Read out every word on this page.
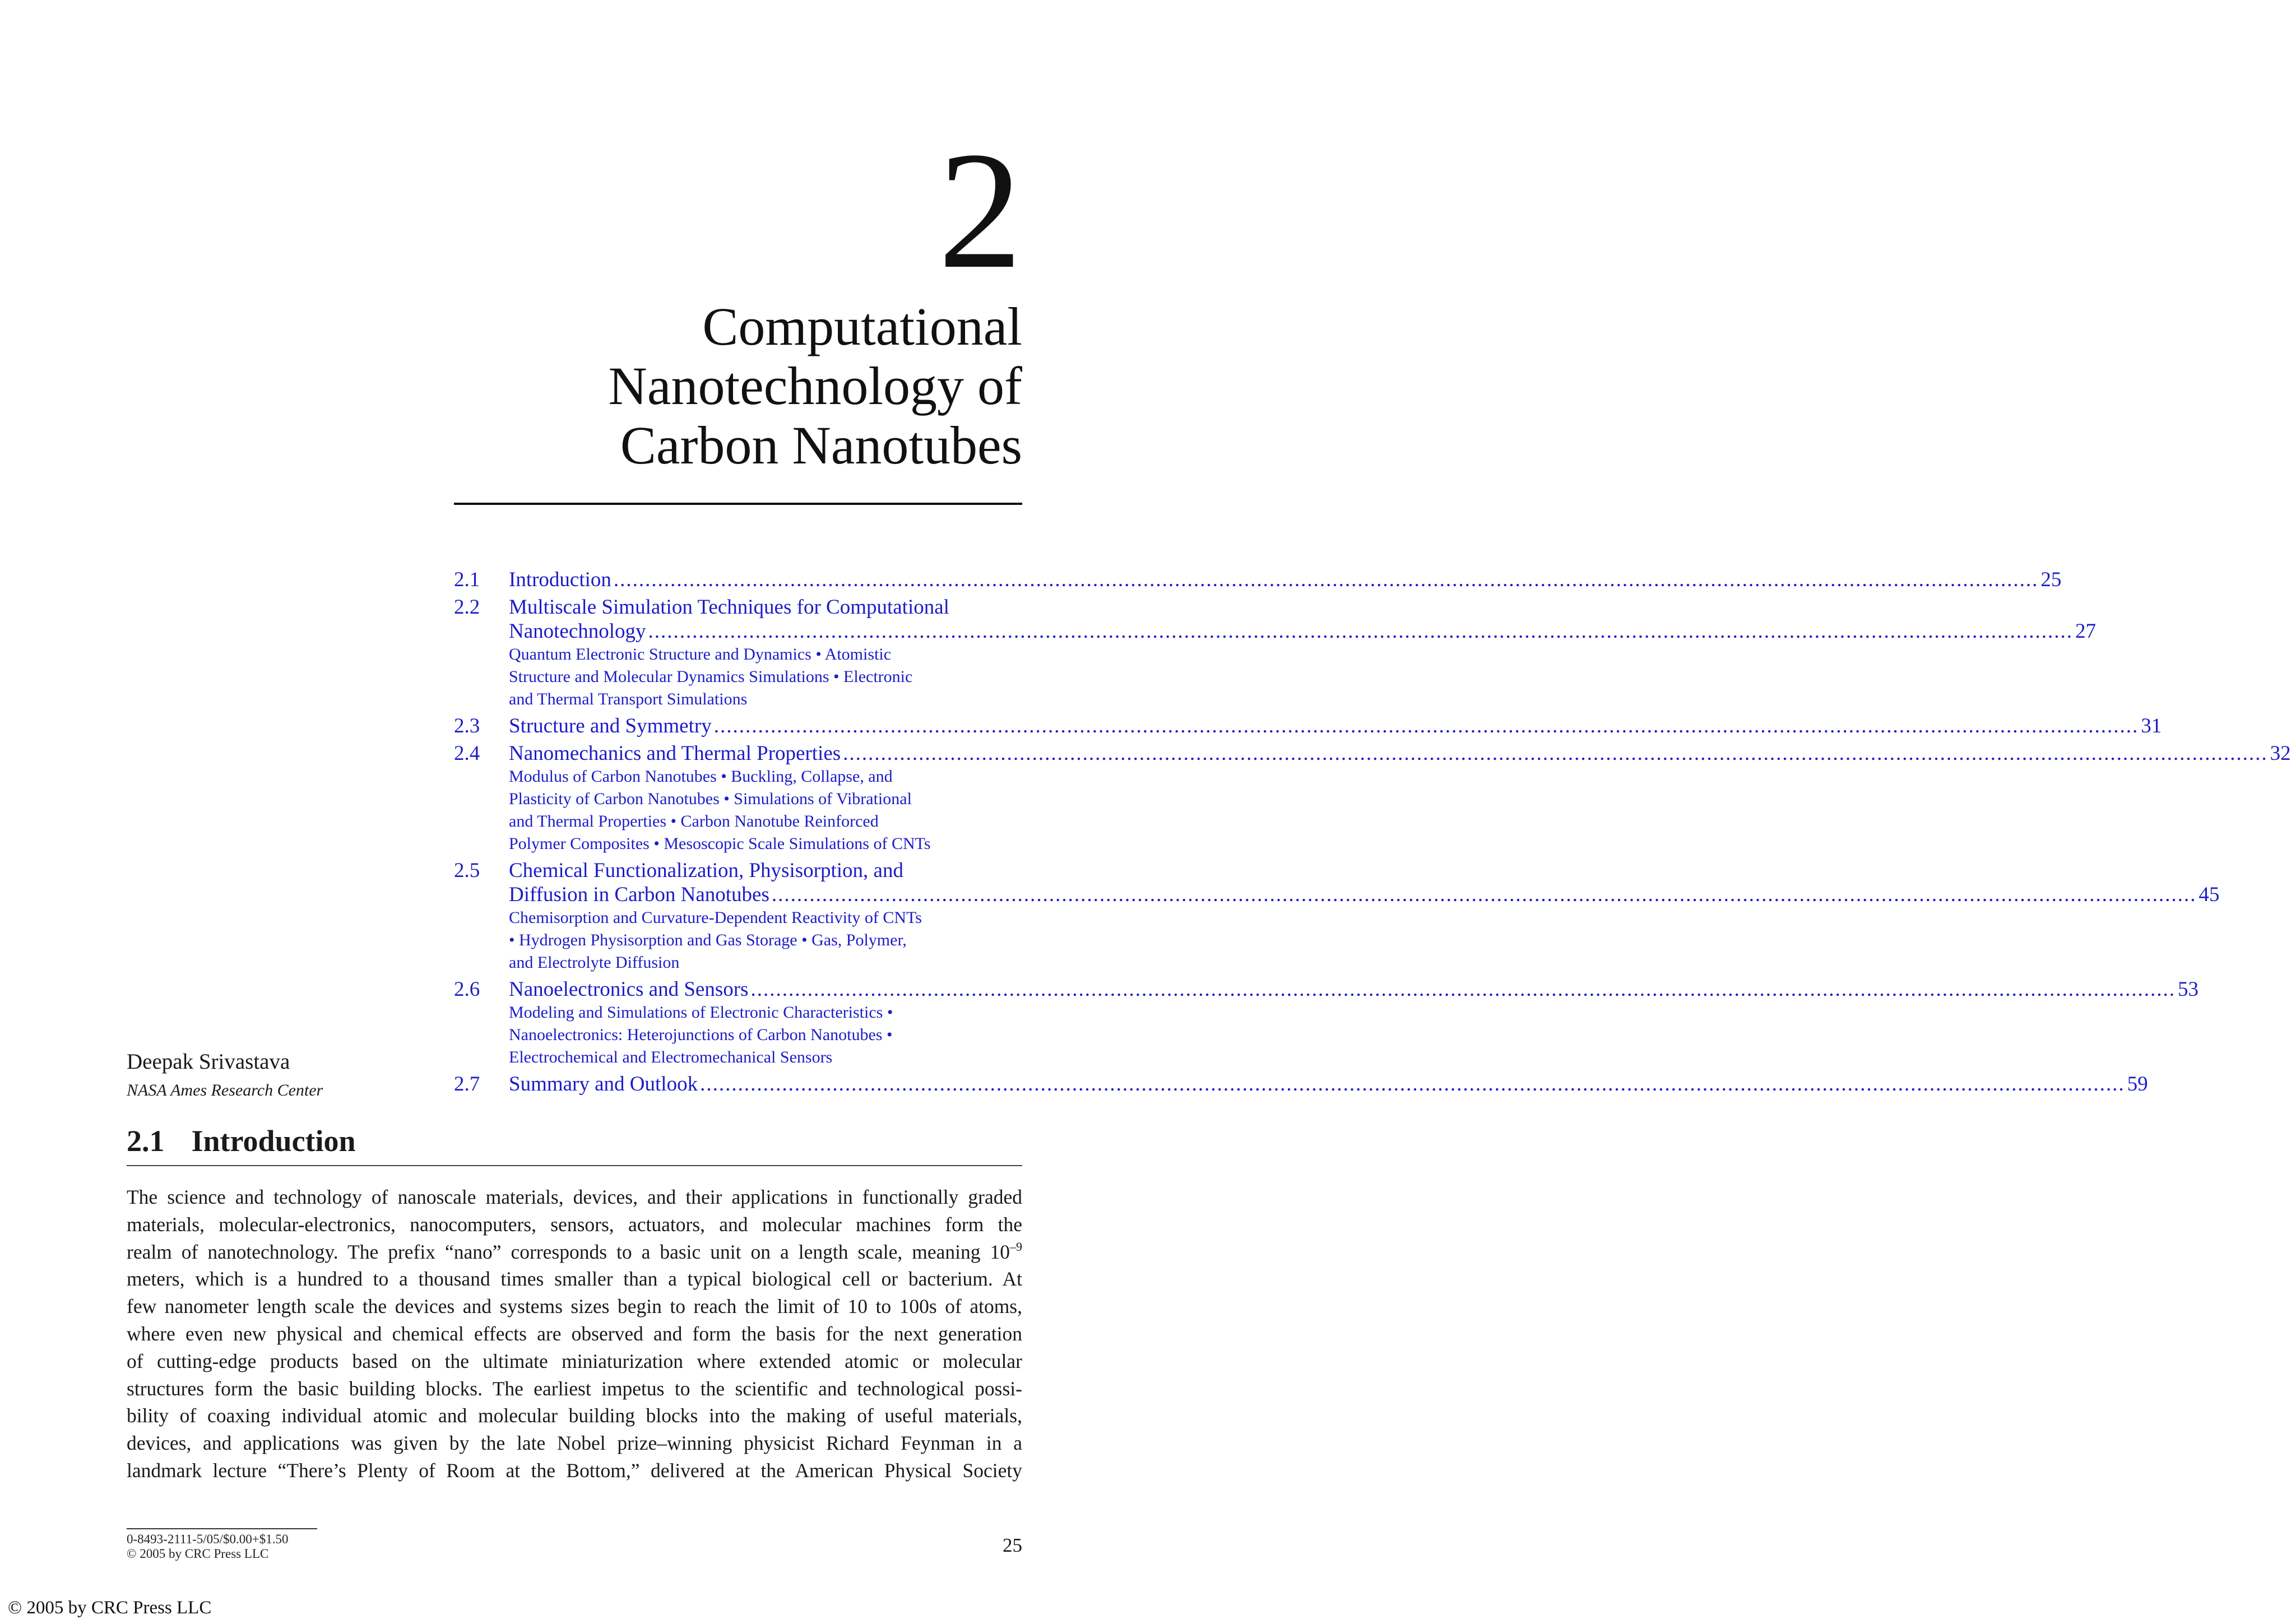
2
Computational
Nanotechnology of
Carbon Nanotubes
2.1	Introduction .....	25
2.2	Multiscale Simulation Techniques for Computational
Nanotechnology .....	27
Quantum Electronic Structure and Dynamics • Atomistic
Structure and Molecular Dynamics Simulations • Electronic
and Thermal Transport Simulations
2.3	Structure and Symmetry .....	31
2.4	Nanomechanics and Thermal Properties .....	32
Modulus of Carbon Nanotubes • Buckling, Collapse, and
Plasticity of Carbon Nanotubes • Simulations of Vibrational
and Thermal Properties • Carbon Nanotube Reinforced
Polymer Composites • Mesoscopic Scale Simulations of CNTs
2.5	Chemical Functionalization, Physisorption, and
Diffusion in Carbon Nanotubes .....	45
Chemisorption and Curvature-Dependent Reactivity of CNTs
• Hydrogen Physisorption and Gas Storage • Gas, Polymer,
and Electrolyte Diffusion
2.6	Nanoelectronics and Sensors .....	53
Modeling and Simulations of Electronic Characteristics •
Nanoelectronics: Heterojunctions of Carbon Nanotubes •
Electrochemical and Electromechanical Sensors
2.7	Summary and Outlook .....	59
Deepak Srivastava
NASA Ames Research Center
2.1 Introduction
The science and technology of nanoscale materials, devices, and their applications in functionally graded
materials, molecular-electronics, nanocomputers, sensors, actuators, and molecular machines form the
realm of nanotechnology. The prefix “nano” corresponds to a basic unit on a length scale, meaning $10^{-9}$
meters, which is a hundred to a thousand times smaller than a typical biological cell or bacterium. At
few nanometer length scale the devices and systems sizes begin to reach the limit of 10 to 100s of atoms,
where even new physical and chemical effects are observed and form the basis for the next generation
of cutting-edge products based on the ultimate miniaturization where extended atomic or molecular
structures form the basic building blocks. The earliest impetus to the scientific and technological possi-
bility of coaxing individual atomic and molecular building blocks into the making of useful materials,
devices, and applications was given by the late Nobel prize–winning physicist Richard Feynman in a
landmark lecture “There’s Plenty of Room at the Bottom,” delivered at the American Physical Society
0-8493-2111-5/05/$0.00+$1.50
© 2005 by CRC Press LLC	25
© 2005 by CRC Press LLC
